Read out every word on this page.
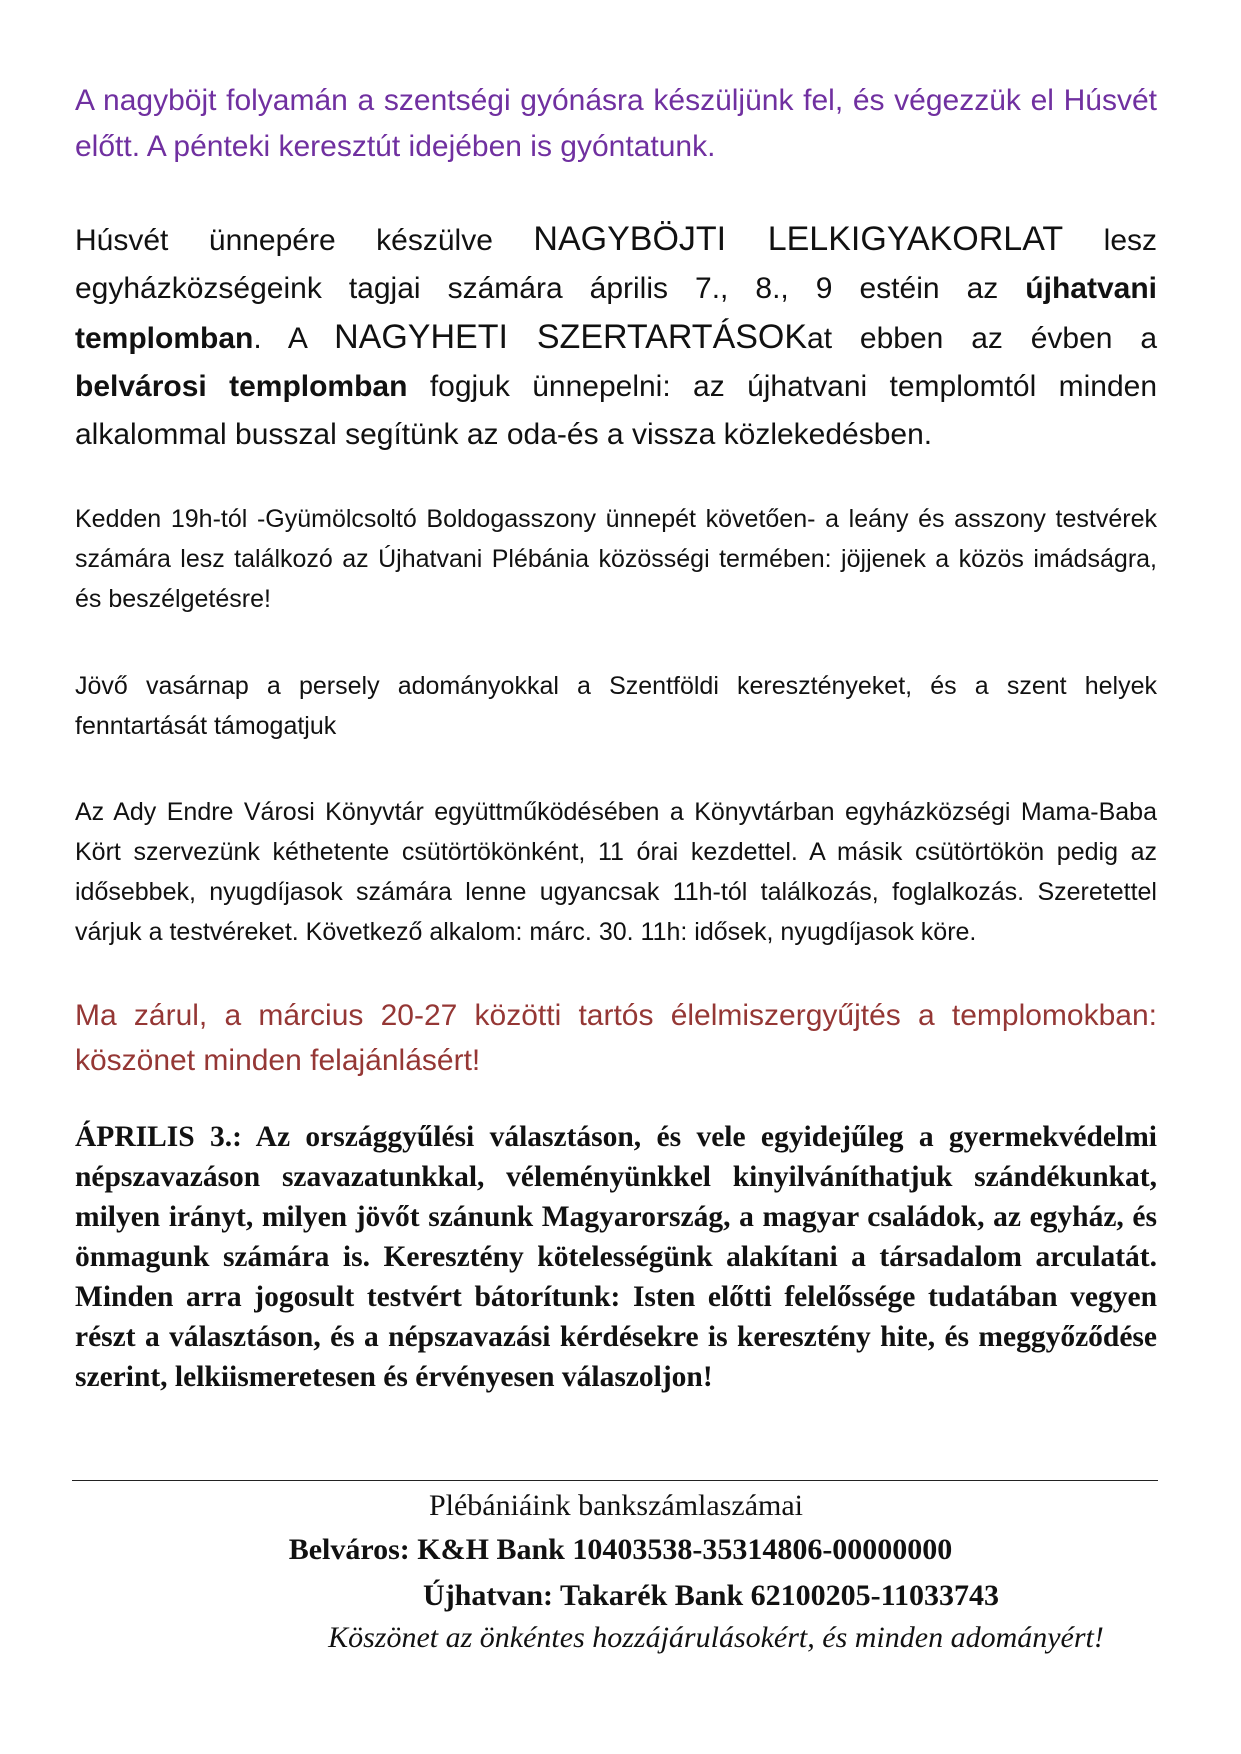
A nagyböjt folyamán a szentségi gyónásra készüljünk fel, és végezzük el Húsvét előtt. A pénteki keresztút idejében is gyóntatunk.

Húsvét ünnepére készülve NAGYBÖJTI LELKIGYAKORLAT lesz egyházközségeink tagjai számára április 7., 8., 9 estéin az újhatvani templomban. A NAGYHETI SZERTARTÁSOKat ebben az évben a belvárosi templomban fogjuk ünnepelni: az újhatvani templomtól minden alkalommal busszal segítünk az oda-és a vissza közlekedésben.

Kedden 19h-tól -Gyümölcsoltó Boldogasszony ünnepét követően- a leány és asszony testvérek számára lesz találkozó az Újhatvani Plébánia közösségi termében: jöjjenek a közös imádságra, és beszélgetésre!

Jövő vasárnap a persely adományokkal a Szentföldi keresztényeket, és a szent helyek fenntartását támogatjuk

Az Ady Endre Városi Könyvtár együttműködésében a Könyvtárban egyházközségi Mama-Baba Kört szervezünk kéthetente csütörtökönként, 11 órai kezdettel. A másik csütörtökön pedig az idősebbek, nyugdíjasok számára lenne ugyancsak 11h-tól találkozás, foglalkozás. Szeretettel várjuk a testvéreket. Következő alkalom: márc. 30. 11h: idősek, nyugdíjasok köre.

Ma zárul, a március 20-27 közötti tartós élelmiszergyűjtés a templomokban: köszönet minden felajánlásért!

ÁPRILIS 3.: Az országgyűlési választáson, és vele egyidejűleg a gyermekvédelmi népszavazáson szavazatunkkal, véleményünkkel kinyilváníthatjuk szándékunkat, milyen irányt, milyen jövőt szánunk Magyarország, a magyar családok, az egyház, és önmagunk számára is. Keresztény kötelességünk alakítani a társadalom arculatát. Minden arra jogosult testvért bátorítunk: Isten előtti felelőssége tudatában vegyen részt a választáson, és a népszavazási kérdésekre is keresztény hite, és meggyőződése szerint, lelkiismeretesen és érvényesen válaszoljon!

Plébániáink bankszámlaszámai

Belváros: K&H Bank 10403538-35314806-00000000

Újhatvan: Takarék Bank 62100205-11033743

Köszönet az önkéntes hozzájárulásokért, és minden adományért!
